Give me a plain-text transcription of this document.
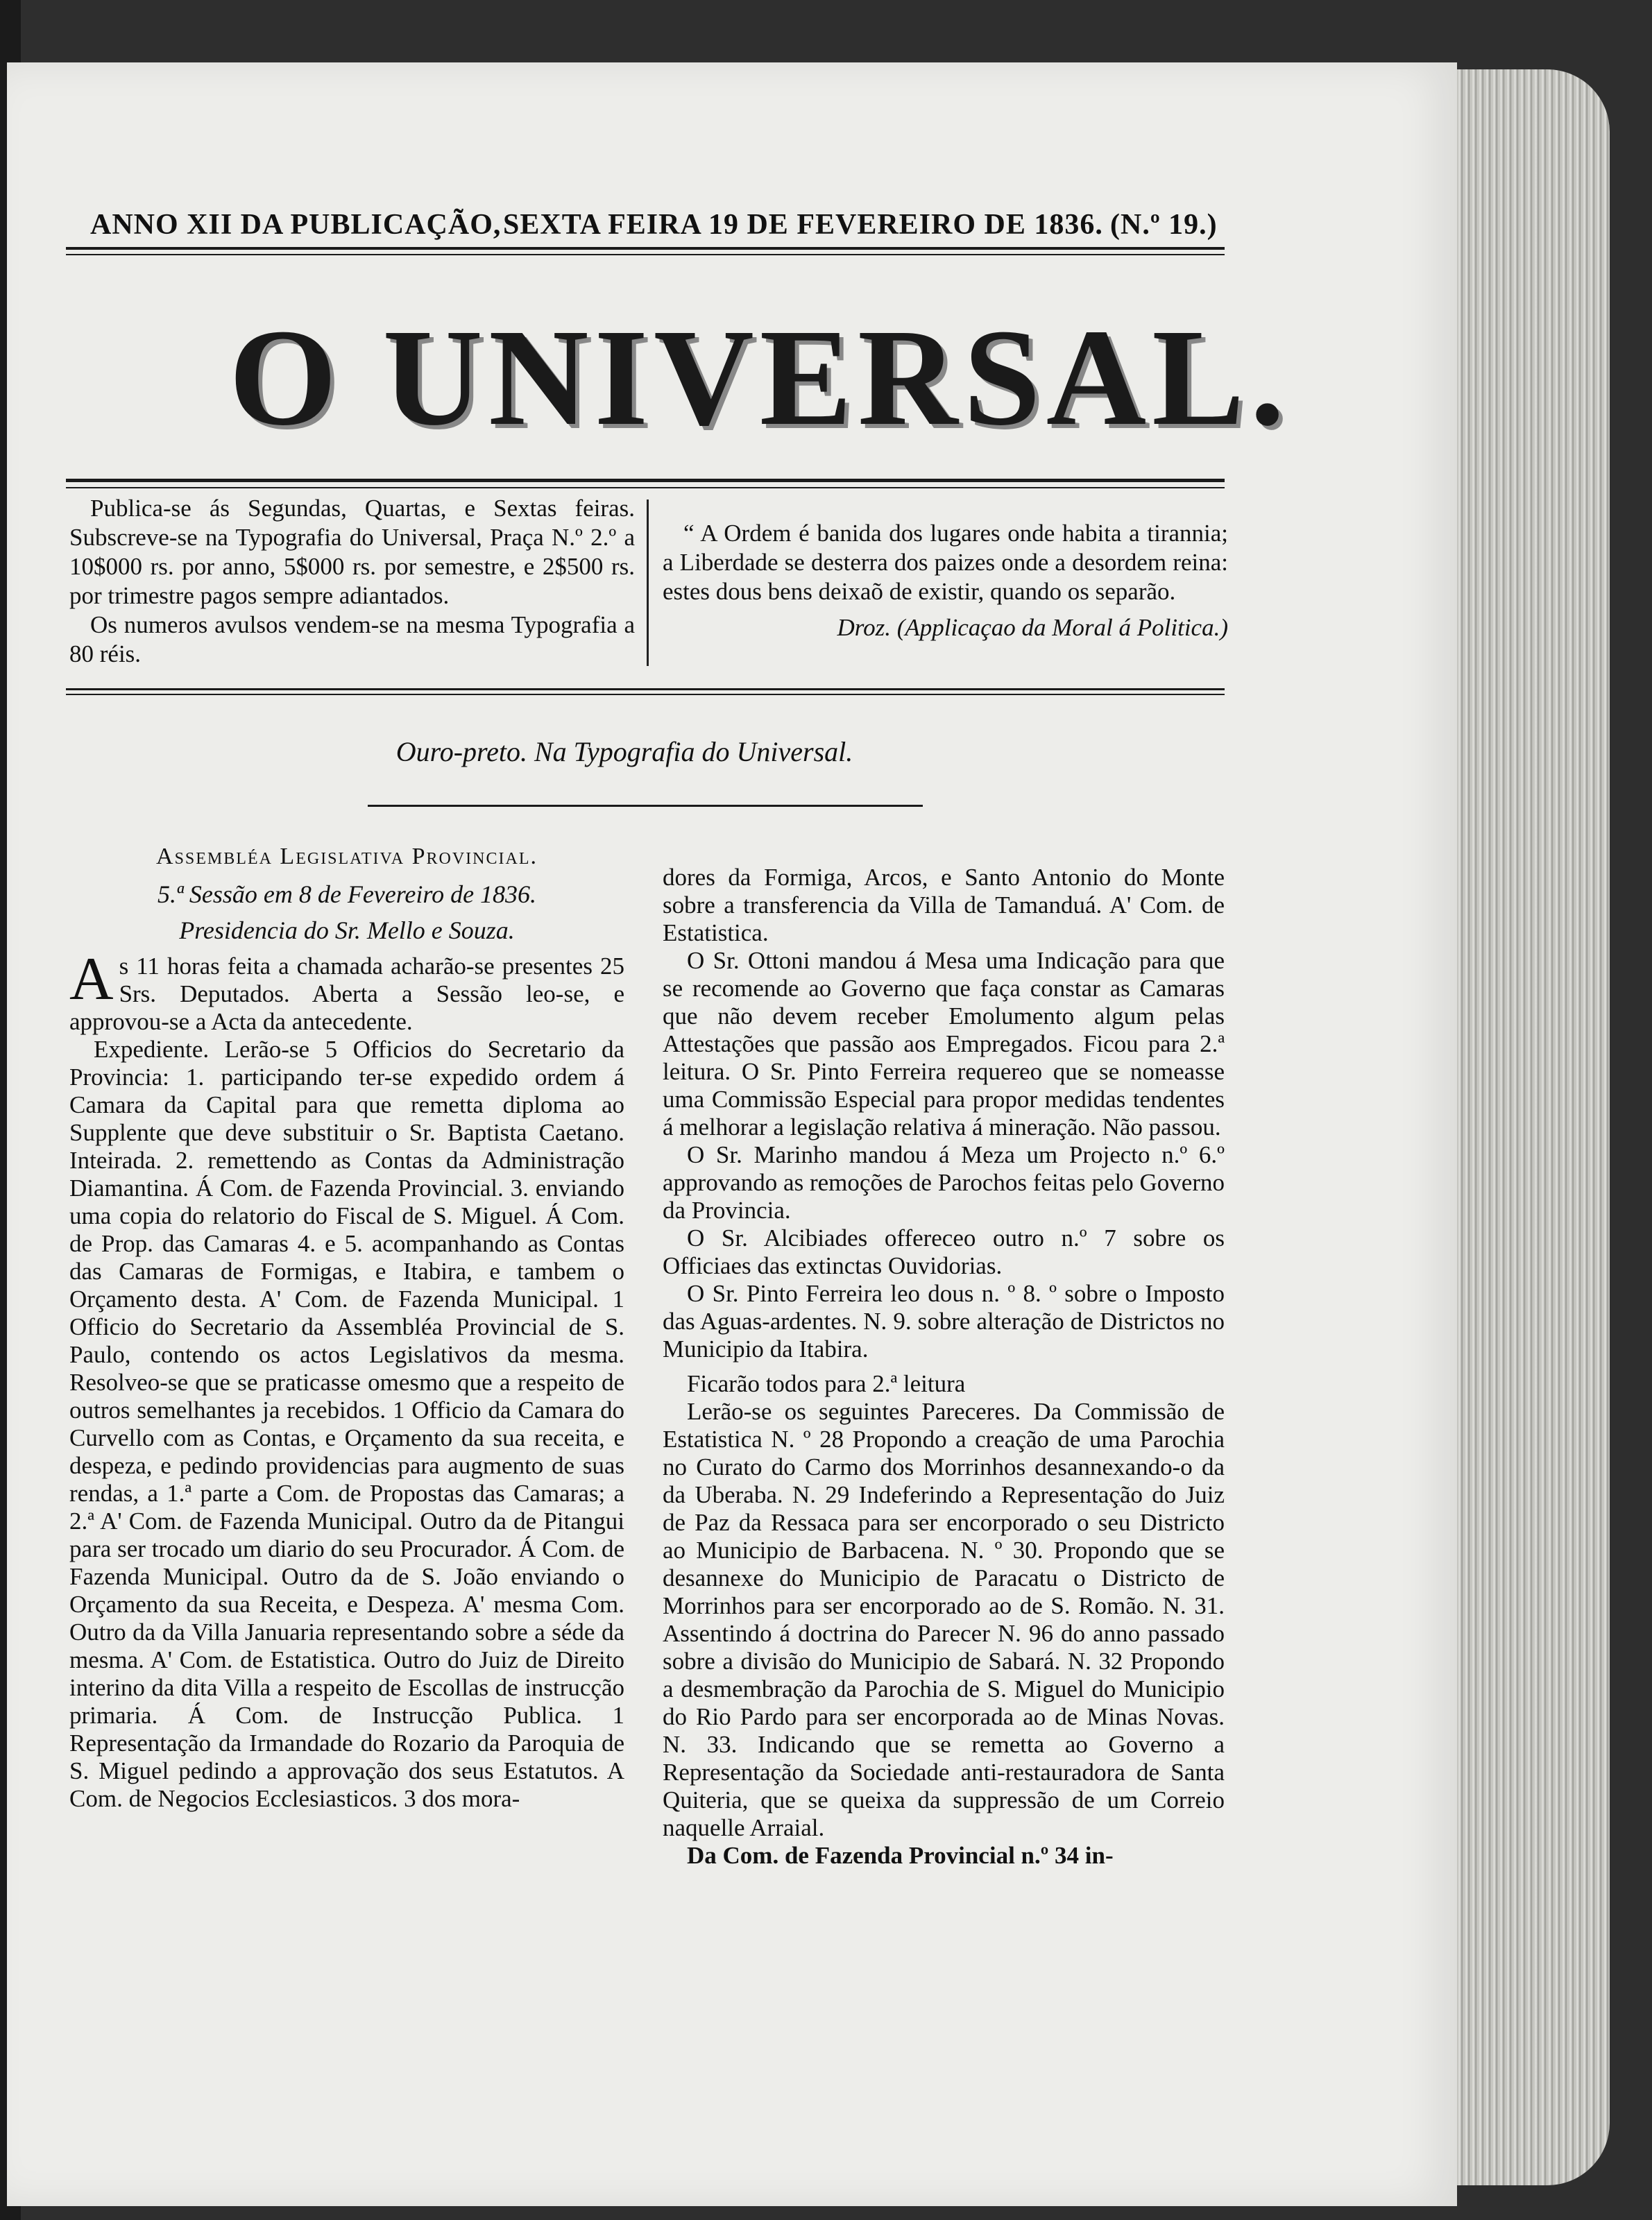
ANNO XII DA PUBLICAÇÃO, SEXTA FEIRA 19 DE FEVEREIRO DE 1836. (N.º 19.)
O UNIVERSAL.

Publica-se ás Segundas, Quartas, e Sextas feiras. Subscreve-se na Typografia do Universal, Praça N.º 2.º a 10$000 rs. por anno, 5$000 rs. por semestre, e 2$500 rs. por trimestre pagos sempre adiantados.

Os numeros avulsos vendem-se na mesma Typografia a 80 réis.

“ A Ordem é banida dos lugares onde habita a tirannia; a Liberdade se desterra dos paizes onde a desordem reina: estes dous bens deixaõ de existir, quando os separão.

Droz. (Applicaçao da Moral á Politica.)

Ouro-preto. Na Typografia do Universal.
Assembléa Legislativa Provincial.
5.ª Sessão em 8 de Fevereiro de 1836.
Presidencia do Sr. Mello e Souza.

As 11 horas feita a chamada acharão-se presentes 25 Srs. Deputados. Aberta a Sessão leo-se, e approvou-se a Acta da antecedente.

Expediente. Lerão-se 5 Officios do Secretario da Provincia: 1. participando ter-se expedido ordem á Camara da Capital para que remetta diploma ao Supplente que deve substituir o Sr. Baptista Caetano. Inteirada. 2. remettendo as Contas da Administração Diamantina. Á Com. de Fazenda Provincial. 3. enviando uma copia do relatorio do Fiscal de S. Miguel. Á Com. de Prop. das Camaras 4. e 5. acompanhando as Contas das Camaras de Formigas, e Itabira, e tambem o Orçamento desta. A' Com. de Fazenda Municipal. 1 Officio do Secretario da Assembléa Provincial de S. Paulo, contendo os actos Legislativos da mesma. Resolveo-se que se praticasse omesmo que a respeito de outros semelhantes ja recebidos. 1 Officio da Camara do Curvello com as Contas, e Orçamento da sua receita, e despeza, e pedindo providencias para augmento de suas rendas, a 1.ª parte a Com. de Propostas das Camaras; a 2.ª A' Com. de Fazenda Municipal. Outro da de Pitangui para ser trocado um diario do seu Procurador. Á Com. de Fazenda Municipal. Outro da de S. João enviando o Orçamento da sua Receita, e Despeza. A' mesma Com. Outro da da Villa Januaria representando sobre a séde da mesma. A' Com. de Estatistica. Outro do Juiz de Direito interino da dita Villa a respeito de Escollas de instrucção primaria. Á Com. de Instrucção Publica. 1 Representação da Irmandade do Rozario da Paroquia de S. Miguel pedindo a approvação dos seus Estatutos. A Com. de Negocios Ecclesiasticos. 3 dos mora-

dores da Formiga, Arcos, e Santo Antonio do Monte sobre a transferencia da Villa de Tamanduá. A' Com. de Estatistica.

O Sr. Ottoni mandou á Mesa uma Indicação para que se recomende ao Governo que faça constar as Camaras que não devem receber Emolumento algum pelas Attestações que passão aos Empregados. Ficou para 2.ª leitura. O Sr. Pinto Ferreira requereo que se nomeasse uma Commissão Especial para propor medidas tendentes á melhorar a legislação relativa á mineração. Não passou.

O Sr. Marinho mandou á Meza um Projecto n.º 6.º approvando as remoções de Parochos feitas pelo Governo da Provincia.

O Sr. Alcibiades offereceo outro n.º 7 sobre os Officiaes das extinctas Ouvidorias.

O Sr. Pinto Ferreira leo dous n. º 8. º sobre o Imposto das Aguas-ardentes. N. 9. sobre alteração de Districtos no Municipio da Itabira.

Ficarão todos para 2.ª leitura

Lerão-se os seguintes Pareceres. Da Commissão de Estatistica N. º 28 Propondo a creação de uma Parochia no Curato do Carmo dos Morrinhos desannexando-o da da Uberaba. N. 29 Indeferindo a Representação do Juiz de Paz da Ressaca para ser encorporado o seu Districto ao Municipio de Barbacena. N. º 30. Propondo que se desannexe do Municipio de Paracatu o Districto de Morrinhos para ser encorporado ao de S. Romão. N. 31. Assentindo á doctrina do Parecer N. 96 do anno passado sobre a divisão do Municipio de Sabará. N. 32 Propondo a desmembração da Parochia de S. Miguel do Municipio do Rio Pardo para ser encorporada ao de Minas Novas. N. 33. Indicando que se remetta ao Governo a Representação da Sociedade anti-restauradora de Santa Quiteria, que se queixa da suppressão de um Correio naquelle Arraial.

Da Com. de Fazenda Provincial n.º 34 in-
